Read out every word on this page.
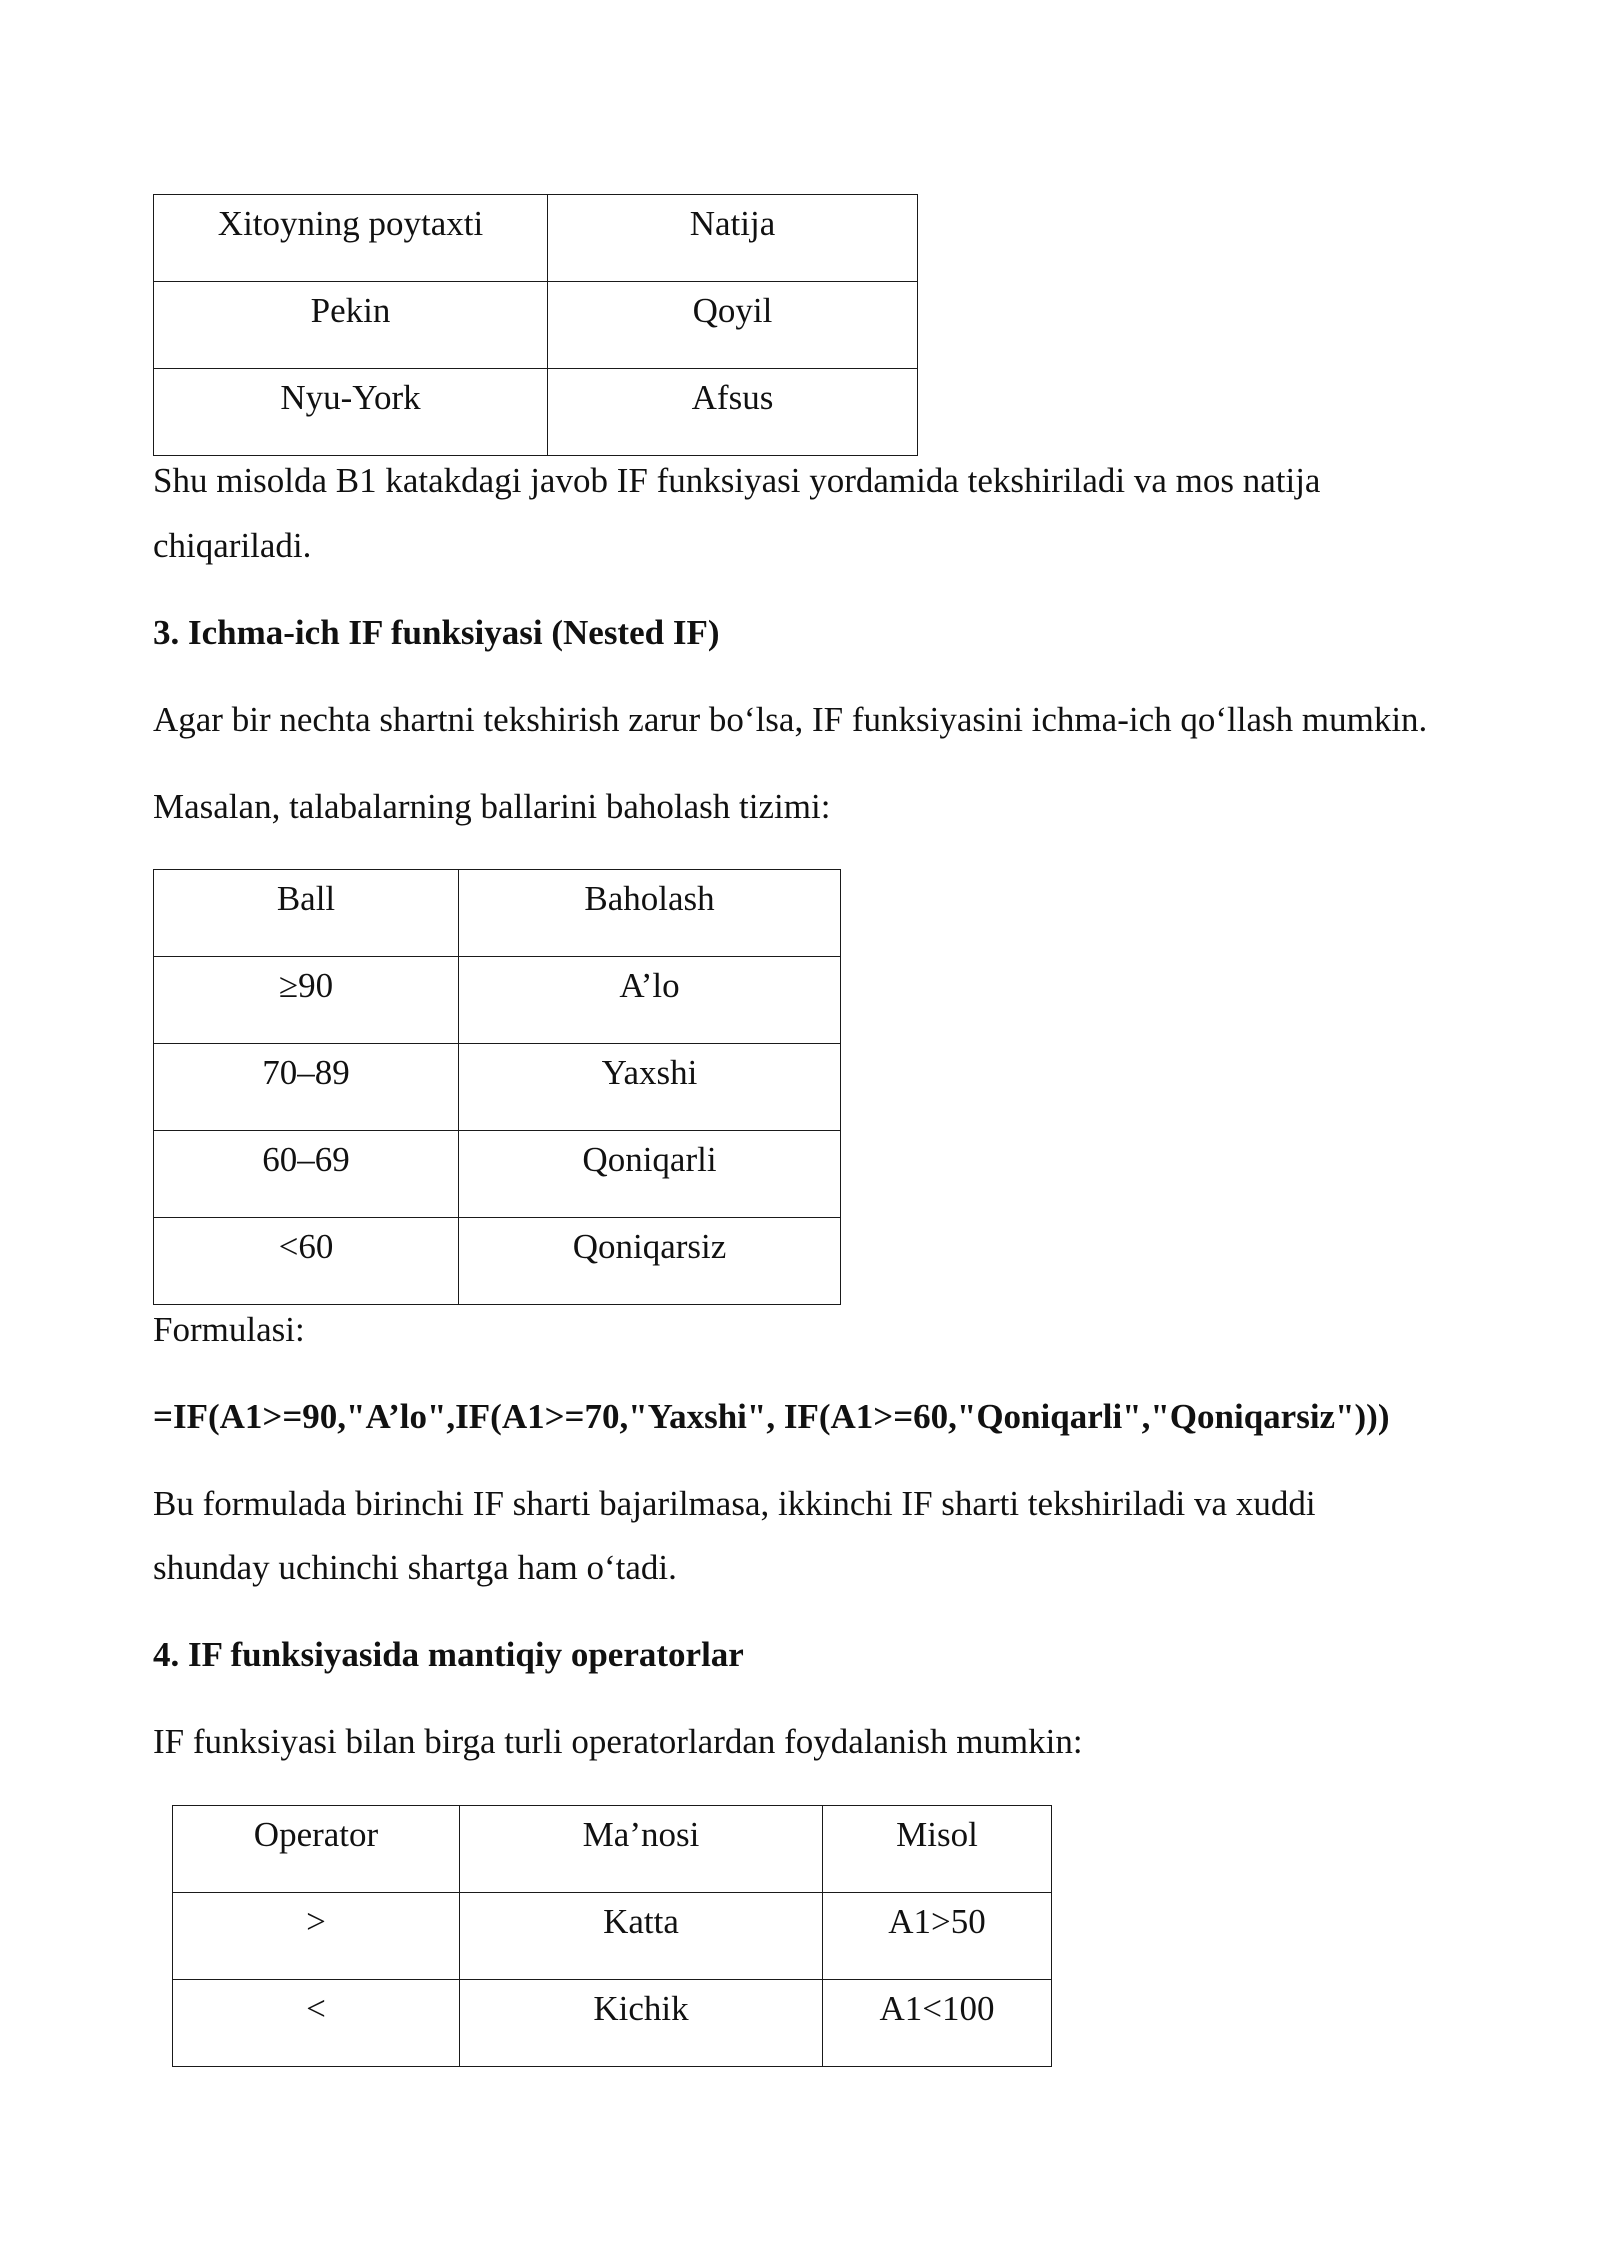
Xitoyning poytaxti	Natija
Pekin	Qoyil
Nyu-York	Afsus

Shu misolda B1 katakdagi javob IF funksiyasi yordamida tekshiriladi va mos natija

chiqariladi.

3. Ichma-ich IF funksiyasi (Nested IF)

Agar bir nechta shartni tekshirish zarur bo‘lsa, IF funksiyasini ichma-ich qo‘llash mumkin.

Masalan, talabalarning ballarini baholash tizimi:

Ball	Baholash
≥90	A’lo
70–89	Yaxshi
60–69	Qoniqarli
<60	Qoniqarsiz

Formulasi:

=IF(A1>=90,"A’lo",IF(A1>=70,"Yaxshi", IF(A1>=60,"Qoniqarli","Qoniqarsiz")))

Bu formulada birinchi IF sharti bajarilmasa, ikkinchi IF sharti tekshiriladi va xuddi

shunday uchinchi shartga ham o‘tadi.

4. IF funksiyasida mantiqiy operatorlar

IF funksiyasi bilan birga turli operatorlardan foydalanish mumkin:

Operator	Ma’nosi	Misol
>	Katta	A1>50
<	Kichik	A1<100
